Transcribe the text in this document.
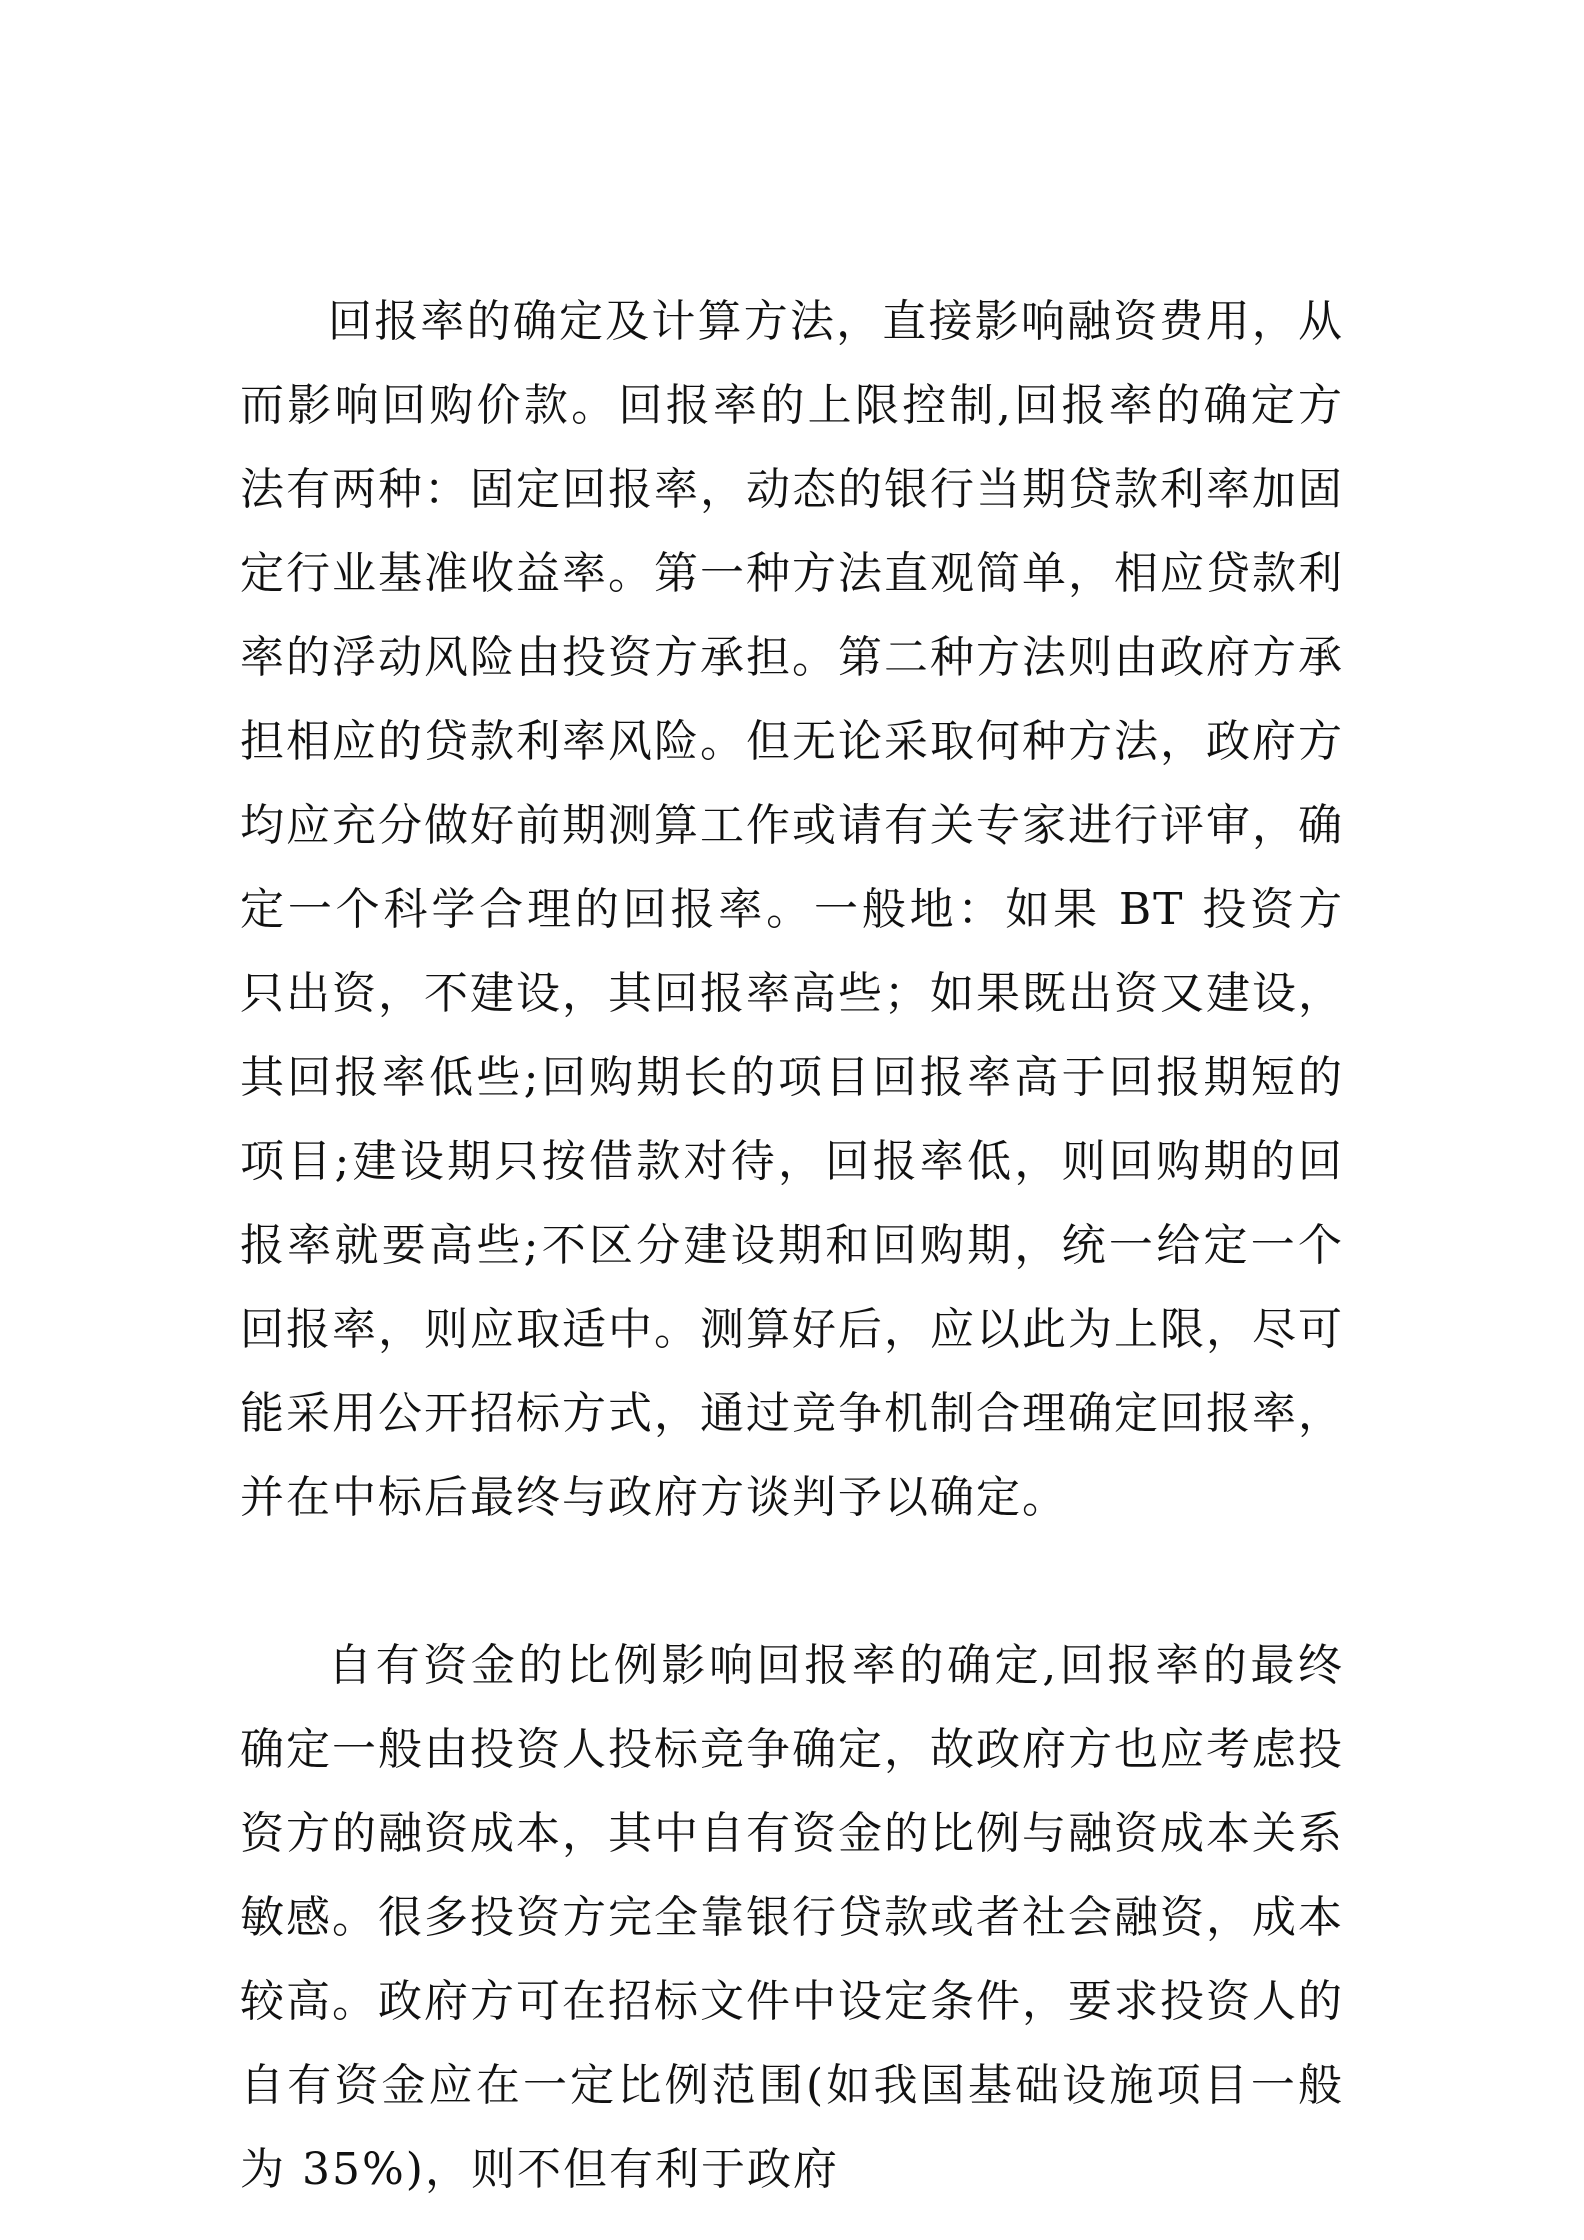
回报率的确定及计算方法，直接影响融资费用，从而影响回购价款。回报率的上限控制,回报率的确定方法有两种：固定回报率，动态的银行当期贷款利率加固定行业基准收益率。第一种方法直观简单，相应贷款利率的浮动风险由投资方承担。第二种方法则由政府方承担相应的贷款利率风险。但无论采取何种方法，政府方均应充分做好前期测算工作或请有关专家进行评审，确定一个科学合理的回报率。一般地：如果 BT 投资方只出资，不建设，其回报率高些；如果既出资又建设，其回报率低些;回购期长的项目回报率高于回报期短的项目;建设期只按借款对待，回报率低，则回购期的回报率就要高些;不区分建设期和回购期，统一给定一个回报率，则应取适中。测算好后，应以此为上限，尽可能采用公开招标方式，通过竞争机制合理确定回报率，并在中标后最终与政府方谈判予以确定。

自有资金的比例影响回报率的确定,回报率的最终确定一般由投资人投标竞争确定，故政府方也应考虑投资方的融资成本，其中自有资金的比例与融资成本关系敏感。很多投资方完全靠银行贷款或者社会融资，成本较高。政府方可在招标文件中设定条件，要求投资人的自有资金应在一定比例范围(如我国基础设施项目一般为 35%)，则不但有利于政府
